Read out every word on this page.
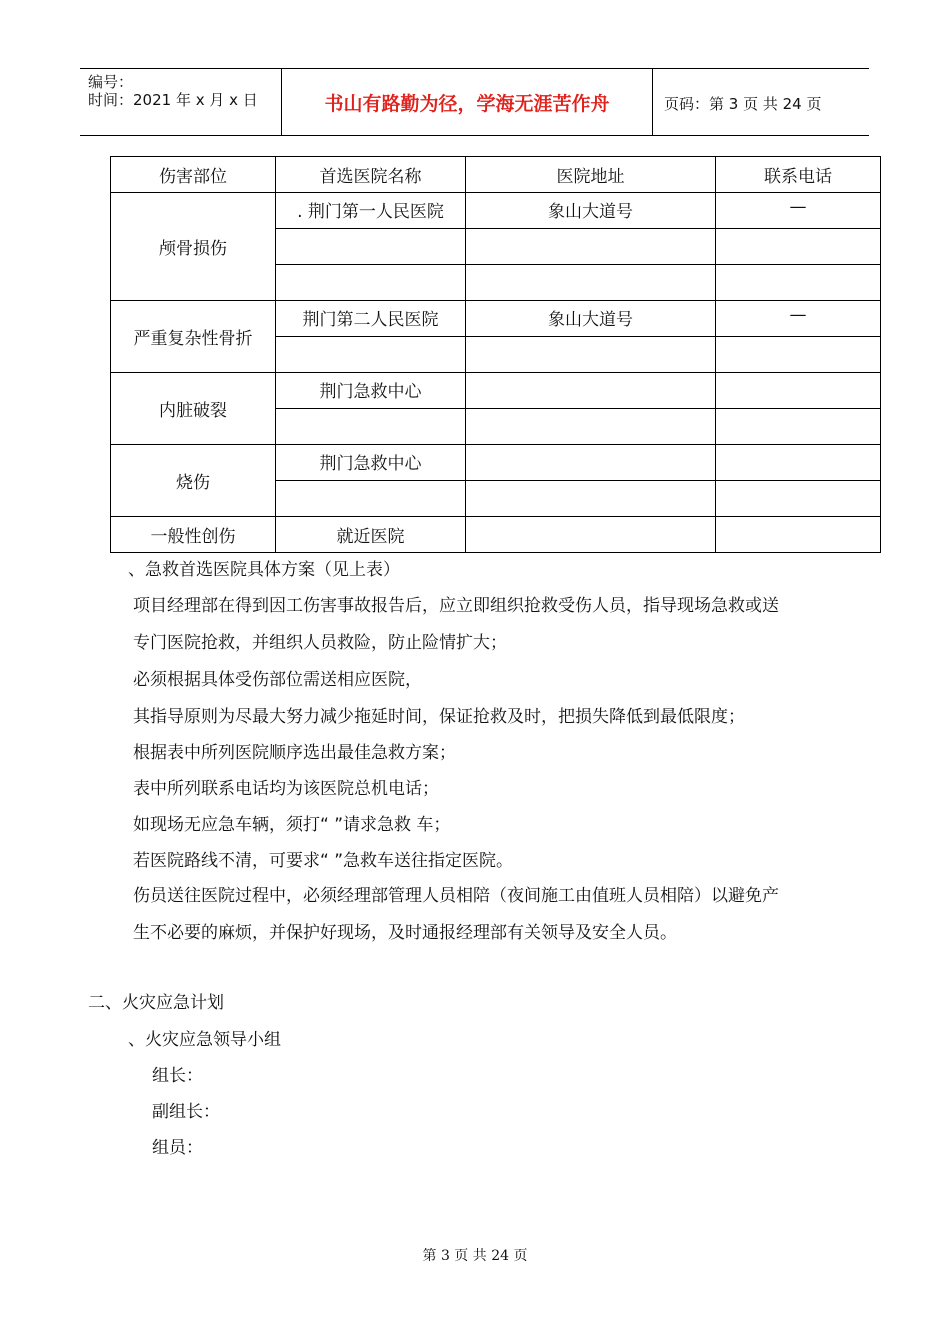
编号：
时间：2021 年 x 月 x 日	书山有路勤为径，学海无涯苦作舟	页码：第 3 页 共 24 页
伤害部位	首选医院名称	医院地址	联系电话
颅骨损伤	. 荆门第一人民医院	象山大道号	—

严重复杂性骨折	荆门第二人民医院	象山大道号	—

内脏破裂	荆门急救中心		

烧伤	荆门急救中心		

一般性创伤	就近医院		
、急救首选医院具体方案（见上表）
项目经理部在得到因工伤害事故报告后，应立即组织抢救受伤人员，指导现场急救或送
专门医院抢救，并组织人员救险，防止险情扩大；
必须根据具体受伤部位需送相应医院，
其指导原则为尽最大努力减少拖延时间，保证抢救及时，把损失降低到最低限度；
根据表中所列医院顺序选出最佳急救方案；
表中所列联系电话均为该医院总机电话；
如现场无应急车辆，须打“ ”请求急救 车；
若医院路线不清，可要求“ ”急救车送往指定医院。
伤员送往医院过程中，必须经理部管理人员相陪（夜间施工由值班人员相陪）以避免产
生不必要的麻烦，并保护好现场，及时通报经理部有关领导及安全人员。
二、火灾应急计划
、火灾应急领导小组
组长：
副组长：
组员：
第 3 页 共 24 页
